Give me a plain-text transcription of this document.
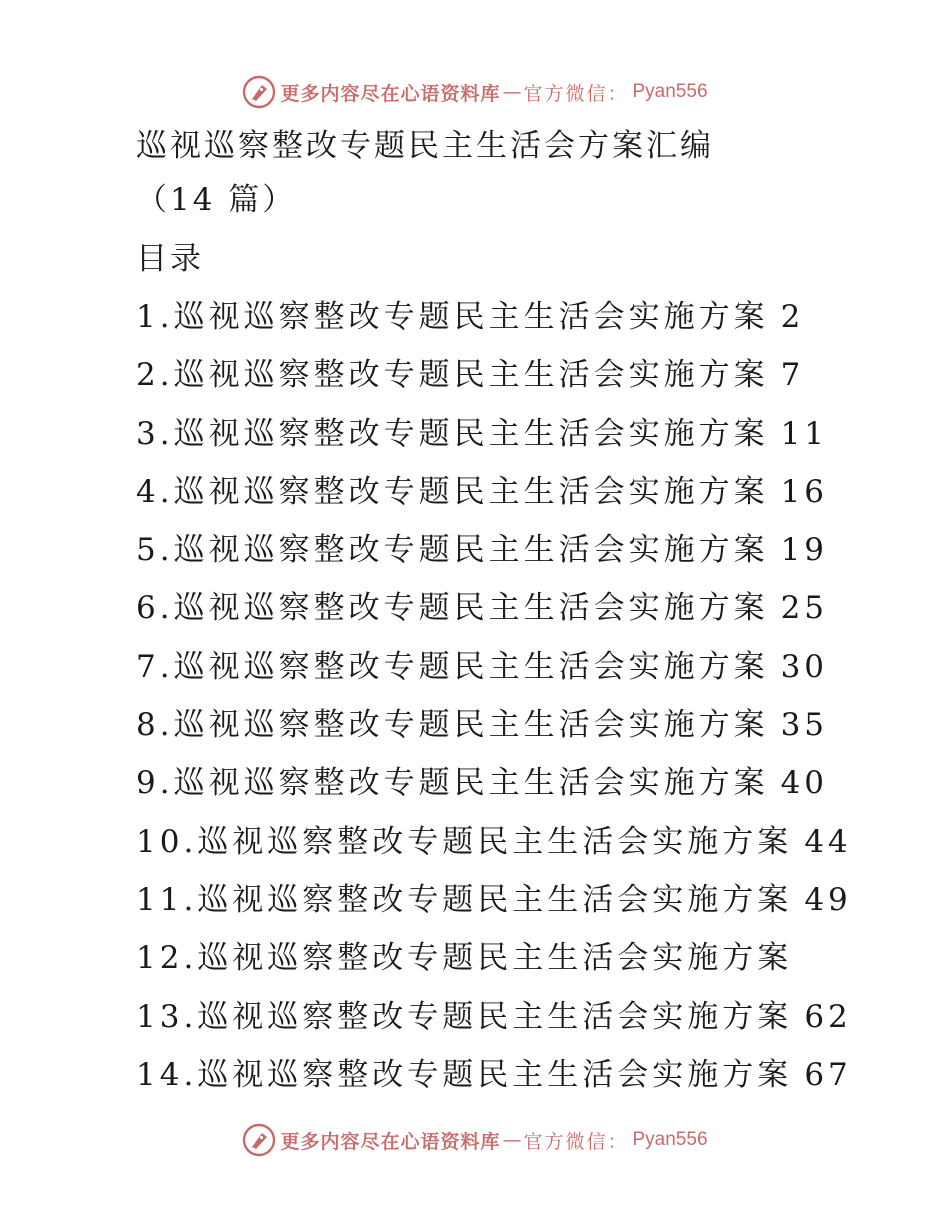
更多内容尽在心语资料库 — 官方微信： Pyan556
巡视巡察整改专题民主生活会方案汇编
（14 篇）
目录
1.巡视巡察整改专题民主生活会实施方案 2
2.巡视巡察整改专题民主生活会实施方案 7
3.巡视巡察整改专题民主生活会实施方案 11
4.巡视巡察整改专题民主生活会实施方案 16
5.巡视巡察整改专题民主生活会实施方案 19
6.巡视巡察整改专题民主生活会实施方案 25
7.巡视巡察整改专题民主生活会实施方案 30
8.巡视巡察整改专题民主生活会实施方案 35
9.巡视巡察整改专题民主生活会实施方案 40
10.巡视巡察整改专题民主生活会实施方案 44
11.巡视巡察整改专题民主生活会实施方案 49
12.巡视巡察整改专题民主生活会实施方案
13.巡视巡察整改专题民主生活会实施方案 62
14.巡视巡察整改专题民主生活会实施方案 67
更多内容尽在心语资料库 — 官方微信： Pyan556
